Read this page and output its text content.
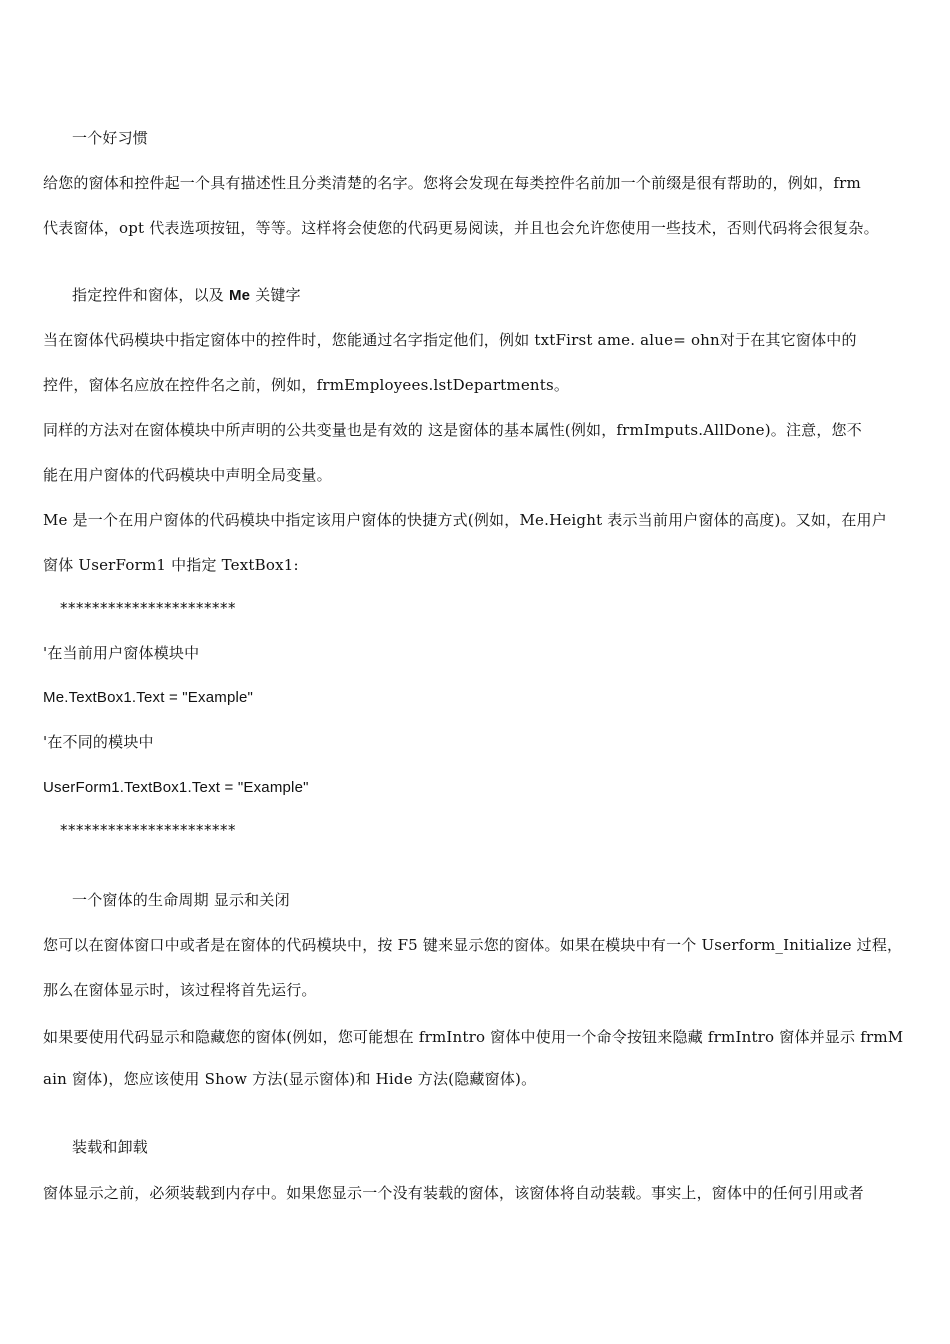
一个好习惯
给您的窗体和控件起一个具有描述性且分类清楚的名字。您将会发现在每类控件名前加一个前缀是很有帮助的，例如，frm
代表窗体，opt 代表选项按钮，等等。这样将会使您的代码更易阅读，并且也会允许您使用一些技术，否则代码将会很复杂。
指定控件和窗体，以及 Me 关键字
当在窗体代码模块中指定窗体中的控件时，您能通过名字指定他们，例如 txtFirst ame. alue= ohn对于在其它窗体中的
控件，窗体名应放在控件名之前，例如，frmEmployees.lstDepartments。
同样的方法对在窗体模块中所声明的公共变量也是有效的 这是窗体的基本属性(例如，frmImputs.AllDone)。注意，您不
能在用户窗体的代码模块中声明全局变量。
Me 是一个在用户窗体的代码模块中指定该用户窗体的快捷方式(例如，Me.Height 表示当前用户窗体的高度)。又如，在用户
窗体 UserForm1 中指定 TextBox1:
**********************
'在当前用户窗体模块中
Me.TextBox1.Text = "Example"
'在不同的模块中
UserForm1.TextBox1.Text = "Example"
**********************
一个窗体的生命周期 显示和关闭
您可以在窗体窗口中或者是在窗体的代码模块中，按 F5 键来显示您的窗体。如果在模块中有一个 Userform_Initialize 过程，
那么在窗体显示时，该过程将首先运行。
如果要使用代码显示和隐藏您的窗体(例如，您可能想在 frmIntro 窗体中使用一个命令按钮来隐藏 frmIntro 窗体并显示 frmM
ain 窗体)，您应该使用 Show 方法(显示窗体)和 Hide 方法(隐藏窗体)。
装载和卸载
窗体显示之前，必须装载到内存中。如果您显示一个没有装载的窗体，该窗体将自动装载。事实上，窗体中的任何引用或者
